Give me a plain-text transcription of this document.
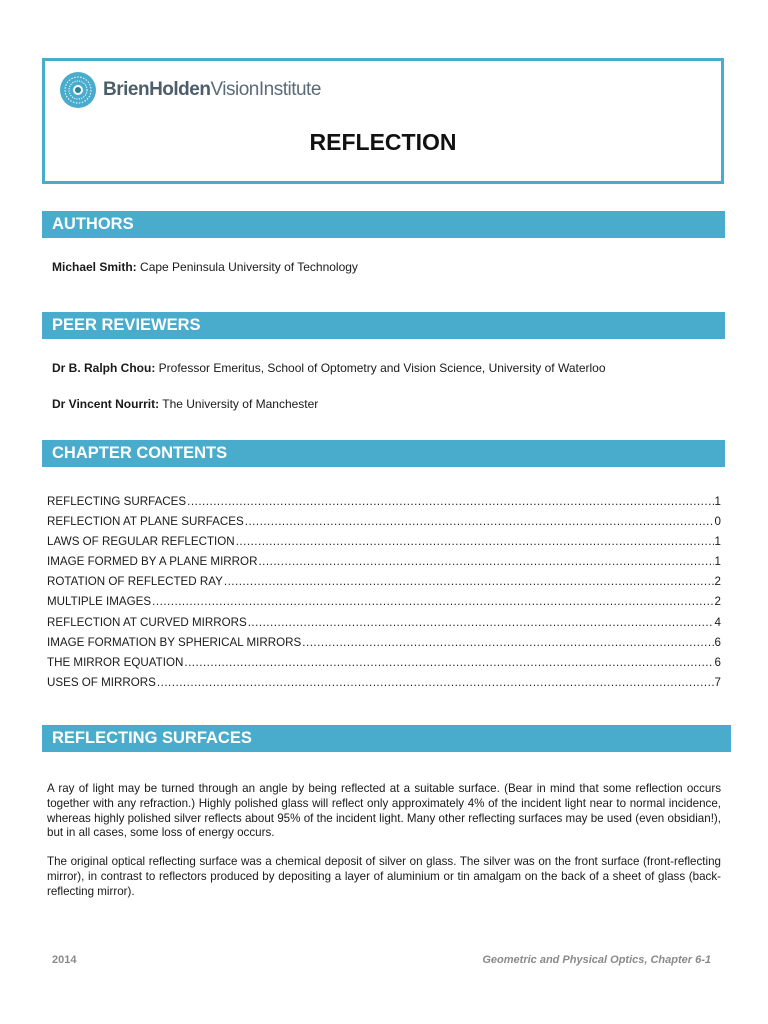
BrienHoldenVisionInstitute
REFLECTION
AUTHORS
Michael Smith: Cape Peninsula University of Technology
PEER REVIEWERS
Dr B. Ralph Chou: Professor Emeritus, School of Optometry and Vision Science, University of Waterloo
Dr Vincent Nourrit: The University of Manchester
CHAPTER CONTENTS
REFLECTING SURFACES .....	1
REFLECTION AT PLANE SURFACES .....	0
LAWS OF REGULAR REFLECTION .....	1
IMAGE FORMED BY A PLANE MIRROR .....	1
ROTATION OF REFLECTED RAY .....	2
MULTIPLE IMAGES .....	2
REFLECTION AT CURVED MIRRORS .....	4
IMAGE FORMATION BY SPHERICAL MIRRORS .....	6
THE MIRROR EQUATION .....	6
USES OF MIRRORS .....	7
REFLECTING SURFACES
A ray of light may be turned through an angle by being reflected at a suitable surface. (Bear in mind that some reflection occurs together with any refraction.) Highly polished glass will reflect only approximately 4% of the incident light near to normal incidence, whereas highly polished silver reflects about 95% of the incident light. Many other reflecting surfaces may be used (even obsidian!), but in all cases, some loss of energy occurs.
The original optical reflecting surface was a chemical deposit of silver on glass. The silver was on the front surface (front-reflecting mirror), in contrast to reflectors produced by depositing a layer of aluminium or tin amalgam on the back of a sheet of glass (back-reflecting mirror).
2014	Geometric and Physical Optics, Chapter 6-1
